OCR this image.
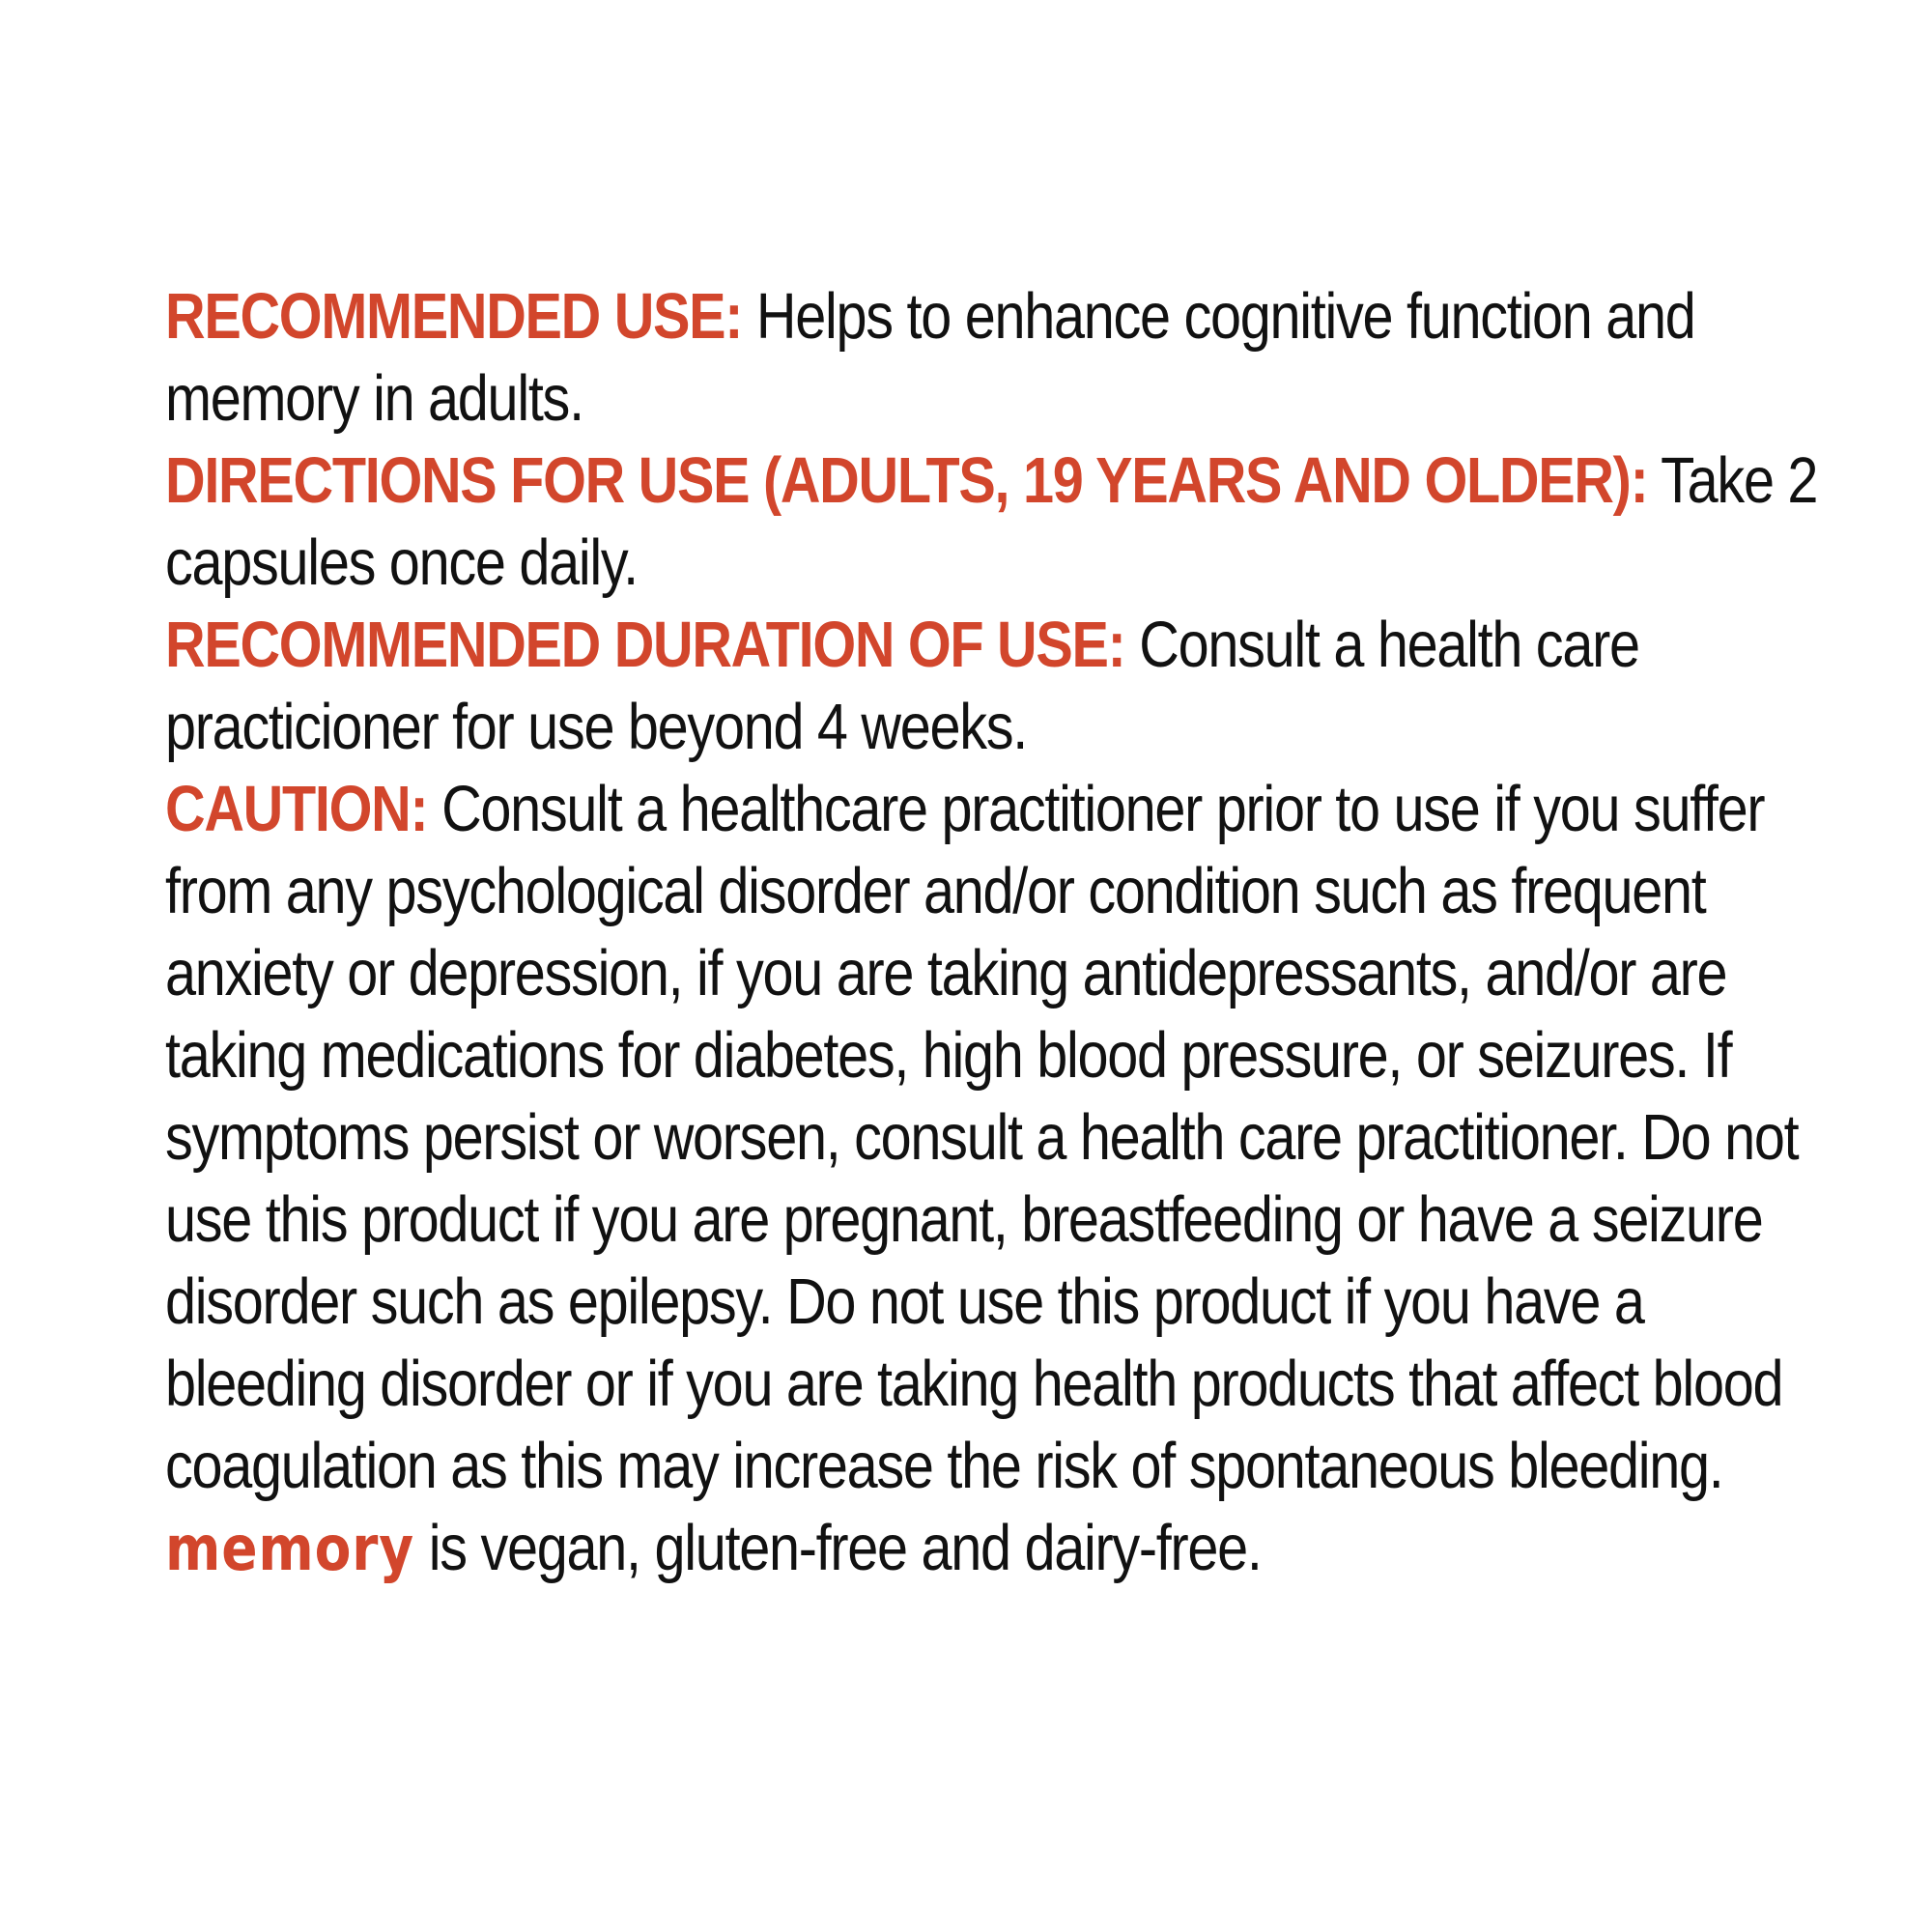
RECOMMENDED USE: Helps to enhance cognitive function and memory in adults.

DIRECTIONS FOR USE (ADULTS, 19 YEARS AND OLDER): Take 2 capsules once daily.

RECOMMENDED DURATION OF USE: Consult a health care practicioner for use beyond 4 weeks.

CAUTION: Consult a healthcare practitioner prior to use if you suffer from any psychological disorder and/or condition such as frequent anxiety or depression, if you are taking antidepressants, and/or are taking medications for diabetes, high blood pressure, or seizures. If symptoms persist or worsen, consult a health care practitioner. Do not use this product if you are pregnant, breastfeeding or have a seizure disorder such as epilepsy. Do not use this product if you have a bleeding disorder or if you are taking health products that affect blood coagulation as this may increase the risk of spontaneous bleeding.

memory is vegan, gluten-free and dairy-free.
